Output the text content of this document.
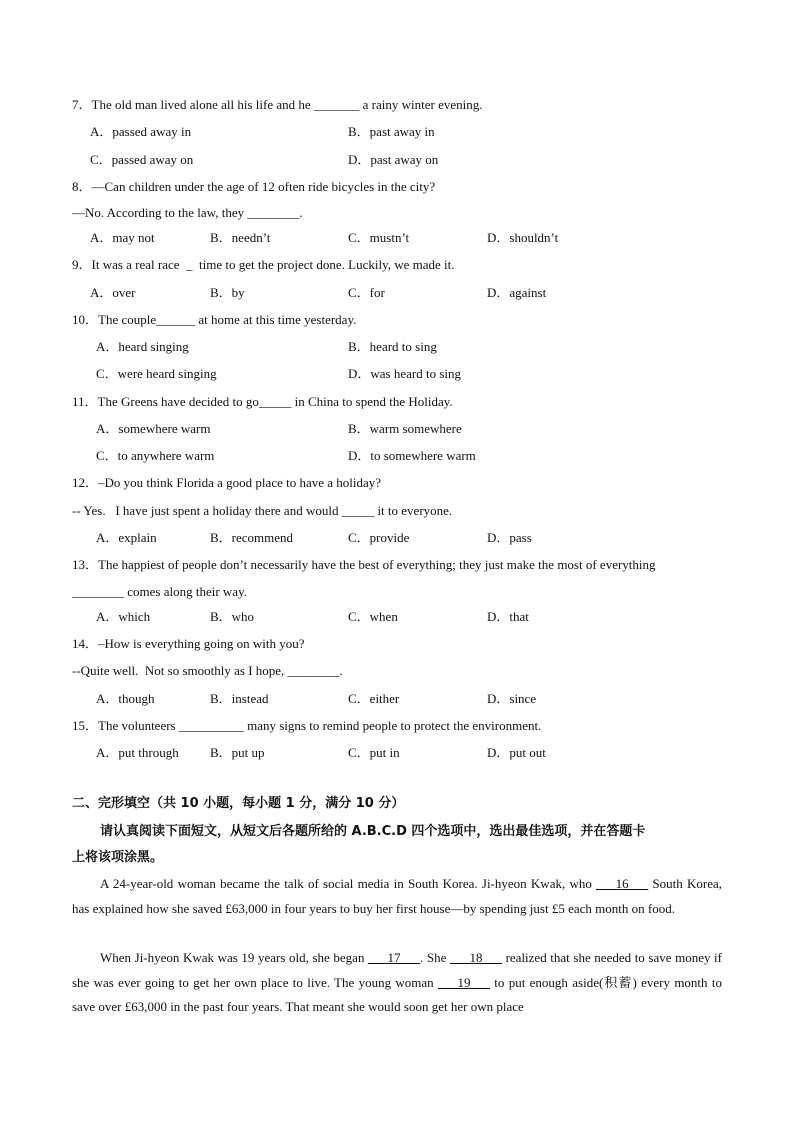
7．The old man lived alone all his life and he _______ a rainy winter evening.
A．passed away in	B．past away in
C．passed away on	D．past away on
8．—Can children under the age of 12 often ride bicycles in the city?
—No. According to the law, they ________.
A．may not	B．needn’t	C．mustn’t	D．shouldn’t
9．It was a real race  _  time to get the project done. Luckily, we made it.
A．over	B．by	C．for	D．against
10．The couple______ at home at this time yesterday.
A．heard singing	B．heard to sing
C．were heard singing	D．was heard to sing
11．The Greens have decided to go_____ in China to spend the Holiday.
A．somewhere warm	B．warm somewhere
C．to anywhere warm	D．to somewhere warm
12．–Do you think Florida a good place to have a holiday?
-- Yes.   I have just spent a holiday there and would _____ it to everyone.
A．explain	B．recommend	C．provide	D．pass
13．The happiest of people don’t necessarily have the best of everything; they just make the most of everything
________ comes along their way.
A．which	B．who	C．when	D．that
14．–How is everything going on with you?
--Quite well.  Not so smoothly as I hope, ________.
A．though	B．instead	C．either	D．since
15．The volunteers __________ many signs to remind people to protect the environment.
A．put through B．put up	C．put in	D．put out
二、完形填空（共 10 小题，每小题 1 分，满分 10 分）
请认真阅读下面短文，从短文后各题所给的 A.B.C.D 四个选项中，选出最佳选项，并在答题卡
上将该项涂黑。
A 24-year-old woman became the talk of social media in South Korea. Ji-hyeon Kwak, who ___16___ South Korea, has explained how she saved £63,000 in four years to buy her first house—by spending just £5 each month on food.
When Ji-hyeon Kwak was 19 years old, she began ___17___. She ___18___ realized that she needed to save money if she was ever going to get her own place to live. The young woman ___19___ to put enough aside(积蓄) every month to save over £63,000 in the past four years. That meant she would soon get her own place
